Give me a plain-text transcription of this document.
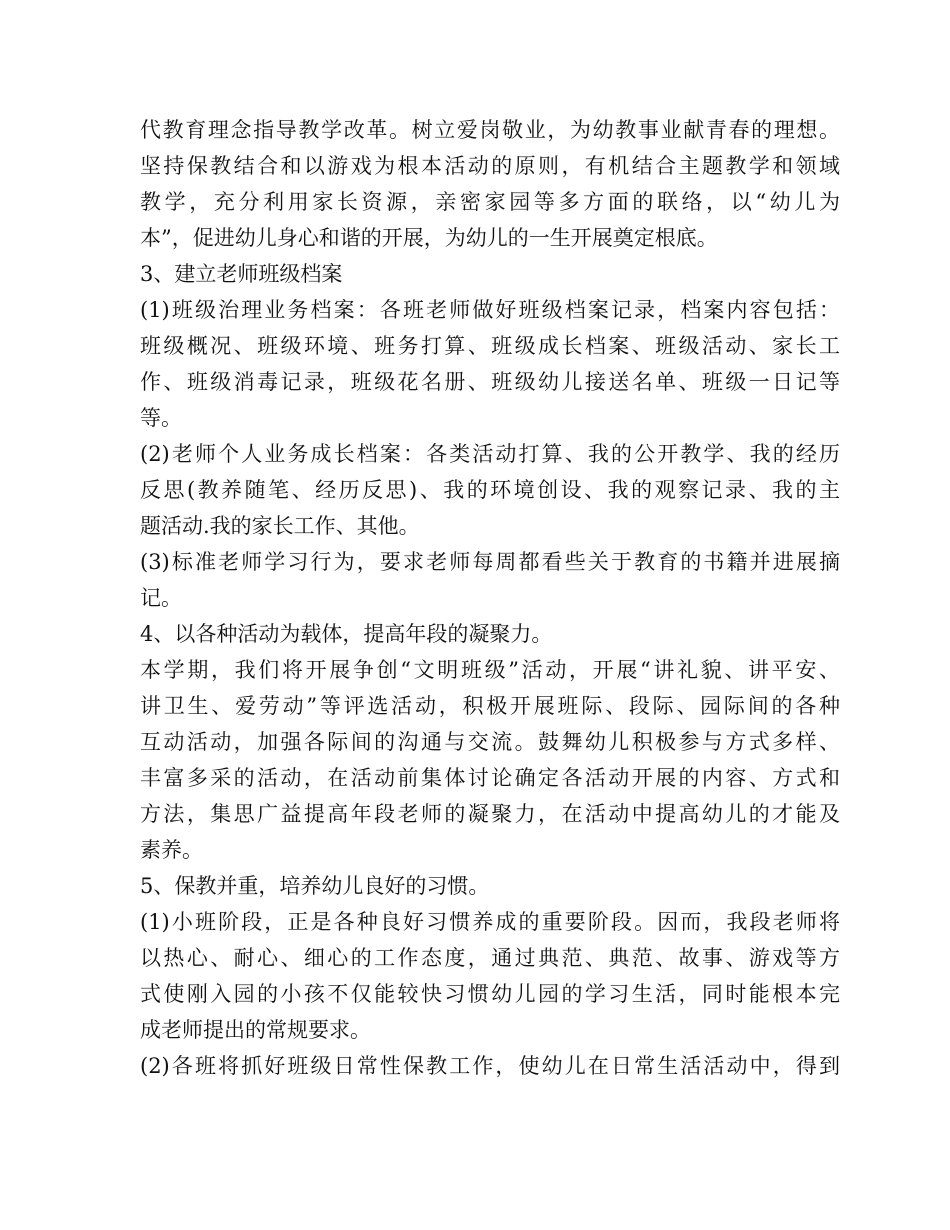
代教育理念指导教学改革。树立爱岗敬业，为幼教事业献青春的理想。
坚持保教结合和以游戏为根本活动的原则，有机结合主题教学和领域
教学，充分利用家长资源，亲密家园等多方面的联络，以“幼儿为
本”，促进幼儿身心和谐的开展，为幼儿的一生开展奠定根底。
3、建立老师班级档案
(1)班级治理业务档案：各班老师做好班级档案记录，档案内容包括：
班级概况、班级环境、班务打算、班级成长档案、班级活动、家长工
作、班级消毒记录，班级花名册、班级幼儿接送名单、班级一日记等
等。
(2)老师个人业务成长档案：各类活动打算、我的公开教学、我的经历
反思(教养随笔、经历反思)、我的环境创设、我的观察记录、我的主
题活动.我的家长工作、其他。
(3)标准老师学习行为，要求老师每周都看些关于教育的书籍并进展摘
记。
4、以各种活动为载体，提高年段的凝聚力。
本学期，我们将开展争创“文明班级”活动，开展“讲礼貌、讲平安、
讲卫生、爱劳动”等评选活动，积极开展班际、段际、园际间的各种
互动活动，加强各际间的沟通与交流。鼓舞幼儿积极参与方式多样、
丰富多采的活动，在活动前集体讨论确定各活动开展的内容、方式和
方法，集思广益提高年段老师的凝聚力，在活动中提高幼儿的才能及
素养。
5、保教并重，培养幼儿良好的习惯。
(1)小班阶段，正是各种良好习惯养成的重要阶段。因而，我段老师将
以热心、耐心、细心的工作态度，通过典范、典范、故事、游戏等方
式使刚入园的小孩不仅能较快习惯幼儿园的学习生活，同时能根本完
成老师提出的常规要求。
(2)各班将抓好班级日常性保教工作，使幼儿在日常生活活动中，得到
